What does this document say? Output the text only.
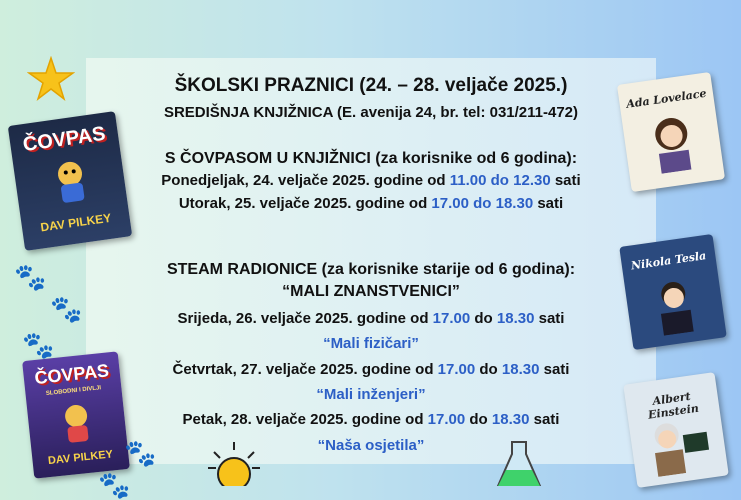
ČOVPAS
DAV PILKEY
ČOVPAS
SLOBODNI I DIVLJI
DAV PILKEY
Ada Lovelace
Nikola Tesla
Albert Einstein
🐾
🐾
🐾
🐾
🐾
ŠKOLSKI PRAZNICI (24. – 28. veljače 2025.)
SREDIŠNJA KNJIŽNICA (E. avenija 24, br. tel: 031/211-472)
S ČOVPASOM U KNJIŽNICI (za korisnike od 6 godina):
Ponedjeljak, 24. veljače 2025. godine od 11.00 do 12.30 sati
Utorak, 25. veljače 2025. godine od 17.00 do 18.30 sati
STEAM RADIONICE (za korisnike starije od 6 godina):
“MALI ZNANSTVENICI”
Srijeda, 26. veljače 2025. godine od 17.00 do 18.30 sati
“Mali fizičari”
Četvrtak, 27. veljače 2025. godine od 17.00 do 18.30 sati
“Mali inženjeri”
Petak, 28. veljače 2025. godine od 17.00 do 18.30 sati
“Naša osjetila”
